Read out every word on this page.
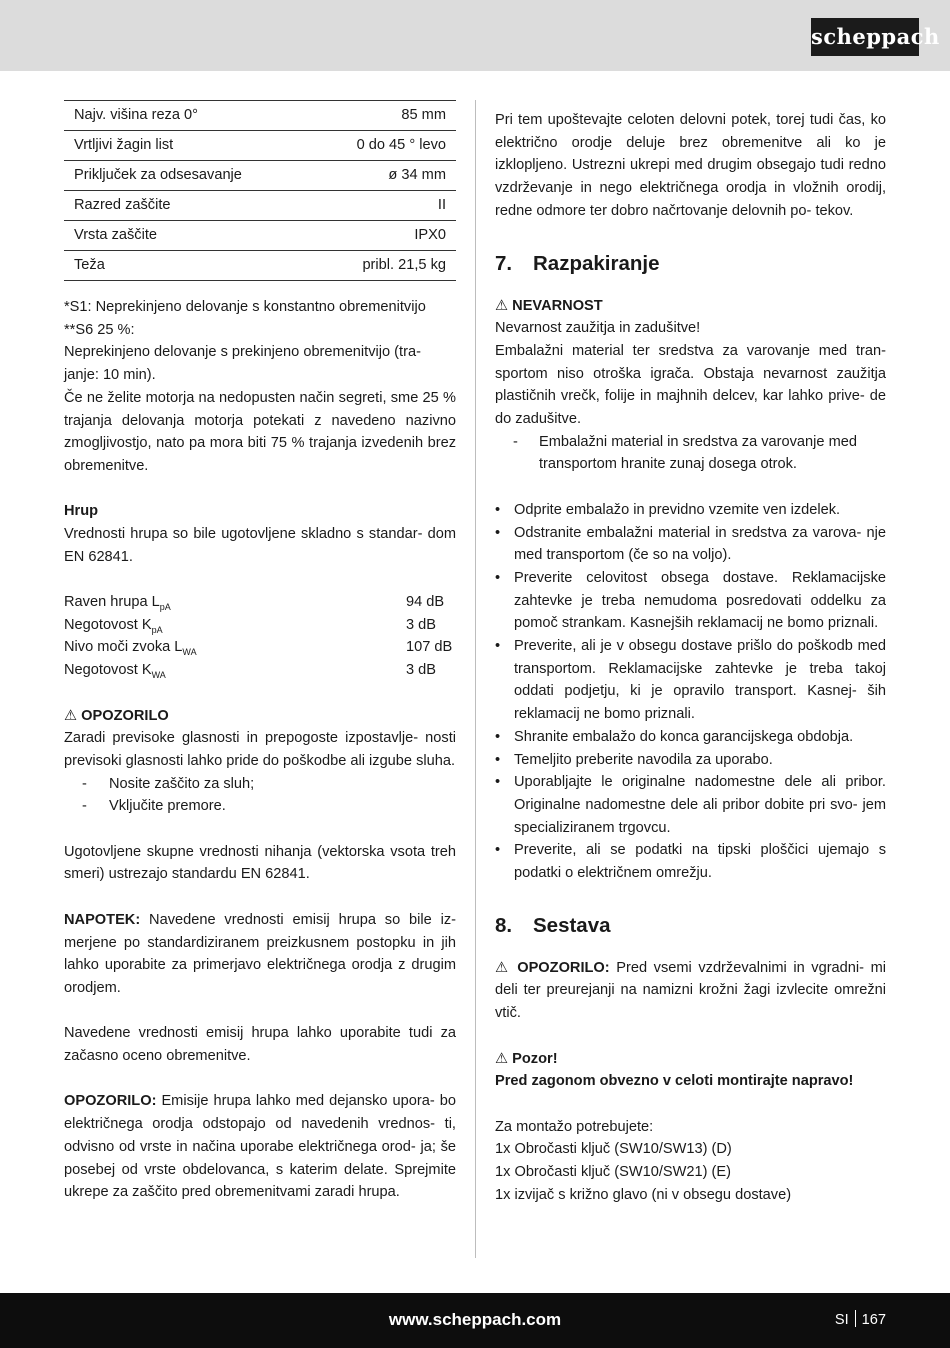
scheppach
Najv. višina reza 0°	85 mm
Vrtljivi žagin list	0 do 45 ° levo
Priključek za odsesavanje	ø 34 mm
Razred zaščite	II
Vrsta zaščite	IPX0
Teža	pribl. 21,5 kg

*S1: Neprekinjeno delovanje s konstantno obremenitvijo

**S6 25 %:

Neprekinjeno delovanje s prekinjeno obremenitvijo (tra-
janje: 10 min).

Če ne želite motorja na nedopusten način segreti, sme 25 % trajanja delovanja motorja potekati z navedeno nazivno zmogljivostjo, nato pa mora biti 75 % trajanja izvedenih brez obremenitve.

Hrup

Vrednosti hrupa so bile ugotovljene skladno s standar- dom EN 62841.

Raven hrupa $L_{pA}$	94 dB
Negotovost $K_{pA}$	3 dB
Nivo moči zvoka $L_{WA}$	107 dB
Negotovost $K_{WA}$	3 dB

⚠ OPOZORILO

Zaradi previsoke glasnosti in prepogoste izpostavlje- nosti previsoki glasnosti lahko pride do poškodbe ali izgube sluha.

- Nosite zaščito za sluh;
- Vključite premore.

Ugotovljene skupne vrednosti nihanja (vektorska vsota treh smeri) ustrezajo standardu EN 62841.

NAPOTEK: Navedene vrednosti emisij hrupa so bile iz- merjene po standardiziranem preizkusnem postopku in jih lahko uporabite za primerjavo električnega orodja z drugim orodjem.

Navedene vrednosti emisij hrupa lahko uporabite tudi za začasno oceno obremenitve.

OPOZORILO: Emisije hrupa lahko med dejansko upora- bo električnega orodja odstopajo od navedenih vrednos- ti, odvisno od vrste in načina uporabe električnega orod- ja; še posebej od vrste obdelovanca, s katerim delate. Sprejmite ukrepe za zaščito pred obremenitvami zaradi hrupa.

Pri tem upoštevajte celoten delovni potek, torej tudi čas, ko električno orodje deluje brez obremenitve ali ko je izklopljeno. Ustrezni ukrepi med drugim obsegajo tudi redno vzdrževanje in nego električnega orodja in vložnih orodij, redne odmore ter dobro načrtovanje delovnih po- tekov.

7. Razpakiranje

⚠ NEVARNOST

Nevarnost zaužitja in zadušitve!

Embalažni material ter sredstva za varovanje med tran- sportom niso otroška igrača. Obstaja nevarnost zaužitja plastičnih vrečk, folije in majhnih delcev, kar lahko prive- de do zadušitve.

- Embalažni material in sredstva za varovanje med transportom hranite zunaj dosega otrok.
• Odprite embalažo in previdno vzemite ven izdelek.
• Odstranite embalažni material in sredstva za varova- nje med transportom (če so na voljo).
• Preverite celovitost obsega dostave. Reklamacijske zahtevke je treba nemudoma posredovati oddelku za pomoč strankam. Kasnejših reklamacij ne bomo priznali.
• Preverite, ali je v obsegu dostave prišlo do poškodb med transportom. Reklamacijske zahtevke je treba takoj oddati podjetju, ki je opravilo transport. Kasnej- ših reklamacij ne bomo priznali.
• Shranite embalažo do konca garancijskega obdobja.
• Temeljito preberite navodila za uporabo.
• Uporabljajte le originalne nadomestne dele ali pribor. Originalne nadomestne dele ali pribor dobite pri svo- jem specializiranem trgovcu.
• Preverite, ali se podatki na tipski ploščici ujemajo s podatki o električnem omrežju.
8. Sestava

⚠ OPOZORILO: Pred vsemi vzdrževalnimi in vgradni- mi deli ter preurejanji na namizni krožni žagi izvlecite omrežni vtič.

⚠ Pozor!

Pred zagonom obvezno v celoti montirajte napravo!

Za montažo potrebujete:

1x Obročasti ključ (SW10/SW13) (D)

1x Obročasti ključ (SW10/SW21) (E)

1x izvijač s križno glavo (ni v obsegu dostave)

www.scheppach.com	SI 167
